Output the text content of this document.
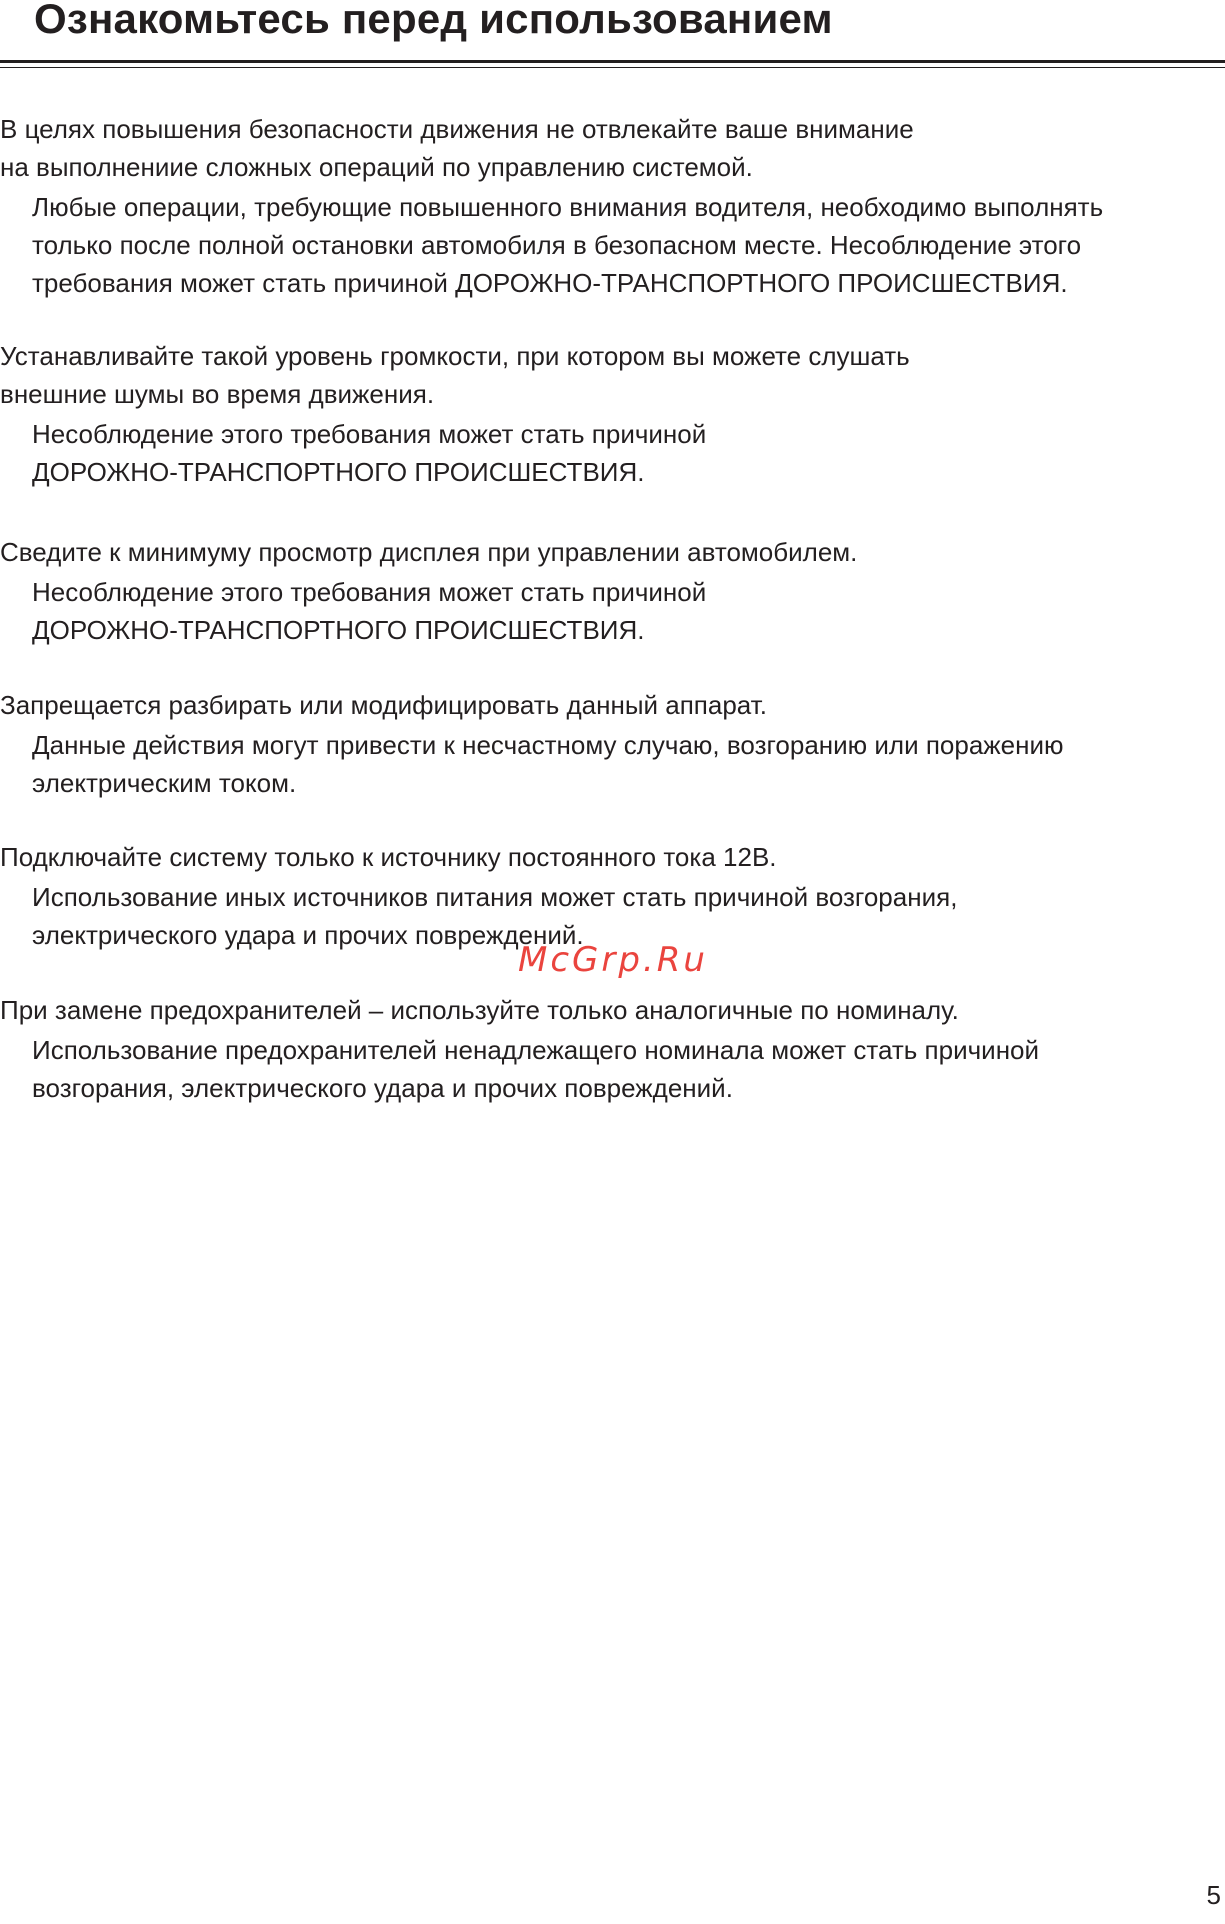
Ознакомьтесь перед использованием

В целях повышения безопасности движения не отвлекайте ваше внимание
на выполнениие сложных операций по управлению системой.

Любые операции, требующие повышенного внимания водителя, необходимо выполнять
только после полной остановки автомобиля в безопасном месте. Несоблюдение этого
требования может стать причиной ДОРОЖНО-ТРАНСПОРТНОГО ПРОИСШЕСТВИЯ.

Устанавливайте такой уровень громкости, при котором вы можете слушать
внешние шумы во время движения.

Несоблюдение этого требования может стать причиной
ДОРОЖНО-ТРАНСПОРТНОГО ПРОИСШЕСТВИЯ.

Сведите к минимуму просмотр дисплея при управлении автомобилем.

Несоблюдение этого требования может стать причиной
ДОРОЖНО-ТРАНСПОРТНОГО ПРОИСШЕСТВИЯ.

Запрещается разбирать или модифицировать данный аппарат.

Данные действия могут привести к несчастному случаю, возгоранию или поражению
электрическим током.

Подключайте систему только к источнику постоянного тока 12В.

Использование иных источников питания может стать причиной возгорания,
электрического удара и прочих повреждений.

При замене предохранителей – используйте только аналогичные по номиналу.

Использование предохранителей ненадлежащего номинала может стать причиной
возгорания, электрического удара и прочих повреждений.

McGrp.Ru
5
